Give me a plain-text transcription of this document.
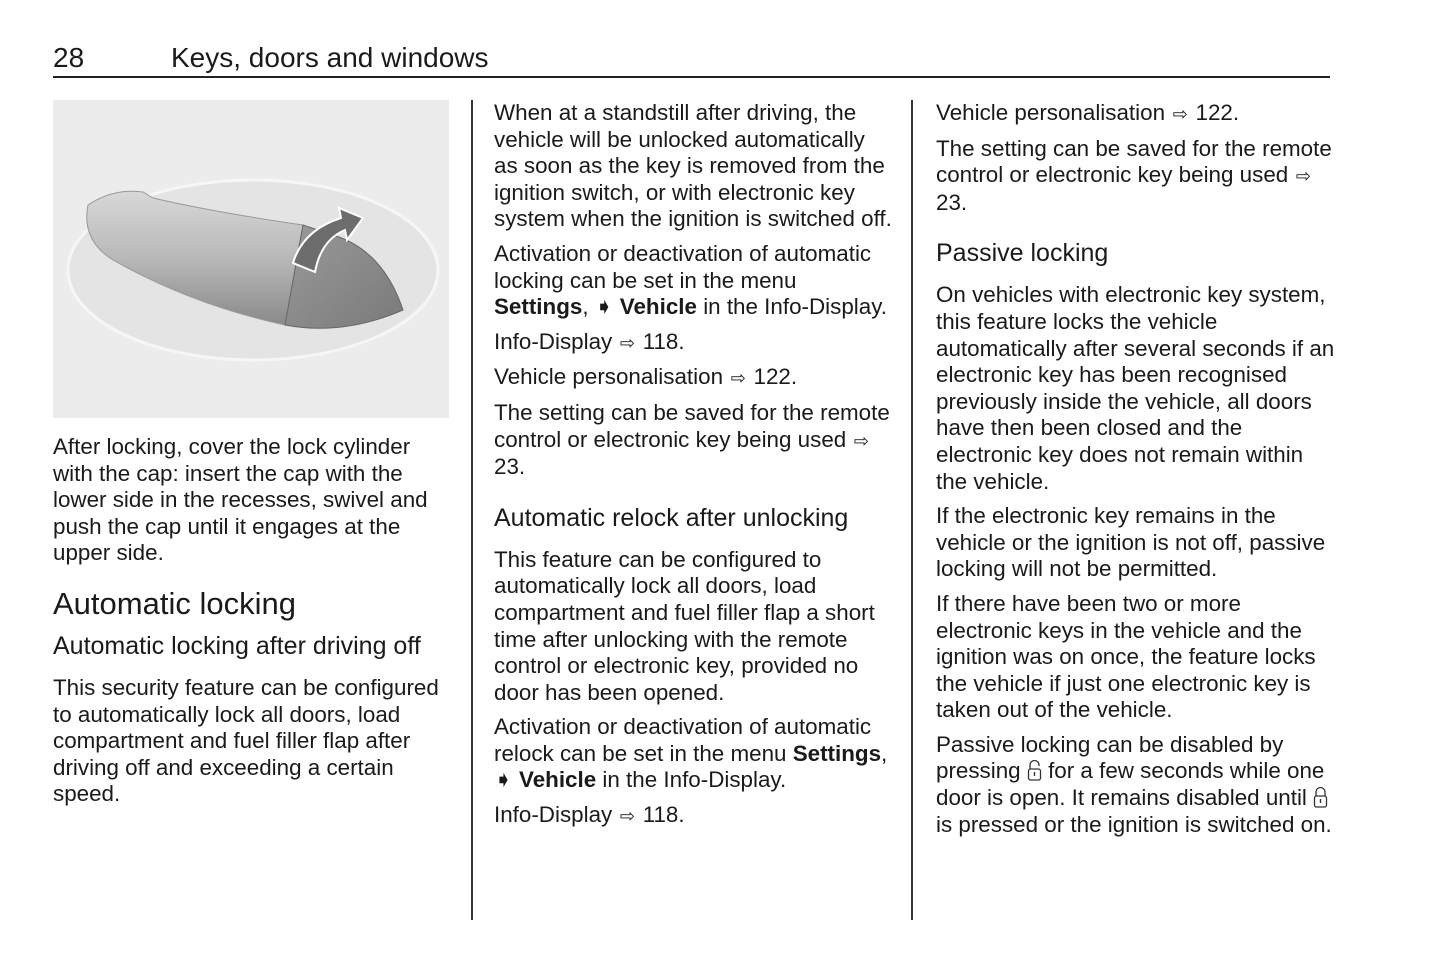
28	Keys, doors and windows

After locking, cover the lock cylinder with the cap: insert the cap with the lower side in the recesses, swivel and push the cap until it engages at the upper side.

Automatic locking
Automatic locking after driving off

This security feature can be configured to automatically lock all doors, load compartment and fuel filler flap after driving off and exceeding a certain speed.

When at a standstill after driving, the vehicle will be unlocked automatically as soon as the key is removed from the ignition switch, or with electronic key system when the ignition is switched off.

Activation or deactivation of automatic locking can be set in the menu Settings, ➧ Vehicle in the Info-Display.

Info-Display ⇨ 118.

Vehicle personalisation ⇨ 122.

The setting can be saved for the remote control or electronic key being used ⇨ 23.

Automatic relock after unlocking

This feature can be configured to automatically lock all doors, load compartment and fuel filler flap a short time after unlocking with the remote control or electronic key, provided no door has been opened.

Activation or deactivation of automatic relock can be set in the menu Settings, ➧ Vehicle in the Info-Display.

Info-Display ⇨ 118.

Vehicle personalisation ⇨ 122.

The setting can be saved for the remote control or electronic key being used ⇨ 23.

Passive locking

On vehicles with electronic key system, this feature locks the vehicle automatically after several seconds if an electronic key has been recognised previously inside the vehicle, all doors have then been closed and the electronic key does not remain within the vehicle.

If the electronic key remains in the vehicle or the ignition is not off, passive locking will not be permitted.

If there have been two or more electronic keys in the vehicle and the ignition was on once, the feature locks the vehicle if just one electronic key is taken out of the vehicle.

Passive locking can be disabled by pressing  for a few seconds while one door is open. It remains disabled until  is pressed or the ignition is switched on.
